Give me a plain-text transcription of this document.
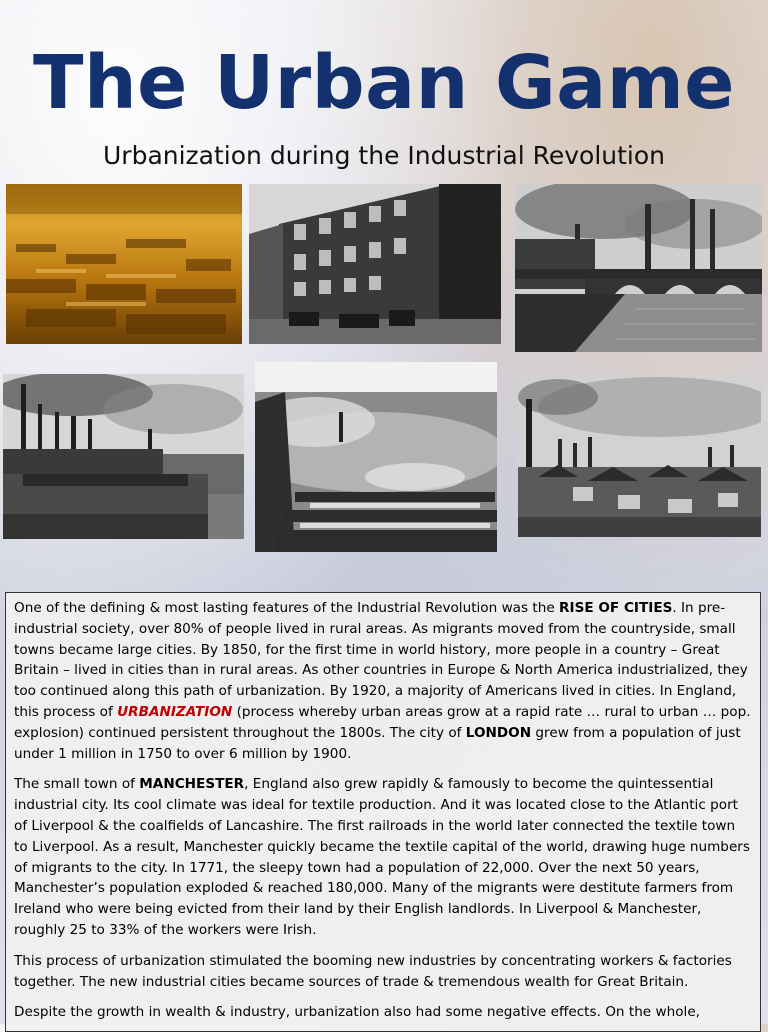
The Urban Game
Urbanization during the Industrial Revolution

One of the defining & most lasting features of the Industrial Revolution was the RISE OF CITIES. In pre-industrial society, over 80% of people lived in rural areas. As migrants moved from the countryside, small towns became large cities. By 1850, for the first time in world history, more people in a country – Great Britain – lived in cities than in rural areas. As other countries in Europe & North America industrialized, they too continued along this path of urbanization. By 1920, a majority of Americans lived in cities. In England, this process of URBANIZATION (process whereby urban areas grow at a rapid rate … rural to urban … pop. explosion) continued persistent throughout the 1800s. The city of LONDON grew from a population of just under 1 million in 1750 to over 6 million by 1900.

The small town of MANCHESTER, England also grew rapidly & famously to become the quintessential industrial city. Its cool climate was ideal for textile production. And it was located close to the Atlantic port of Liverpool & the coalfields of Lancashire. The first railroads in the world later connected the textile town to Liverpool. As a result, Manchester quickly became the textile capital of the world, drawing huge numbers of migrants to the city. In 1771, the sleepy town had a population of 22,000. Over the next 50 years, Manchester’s population exploded & reached 180,000. Many of the migrants were destitute farmers from Ireland who were being evicted from their land by their English landlords. In Liverpool & Manchester, roughly 25 to 33% of the workers were Irish.

This process of urbanization stimulated the booming new industries by concentrating workers & factories together. The new industrial cities became sources of trade & tremendous wealth for Great Britain.

Despite the growth in wealth & industry, urbanization also had some negative effects. On the whole,
